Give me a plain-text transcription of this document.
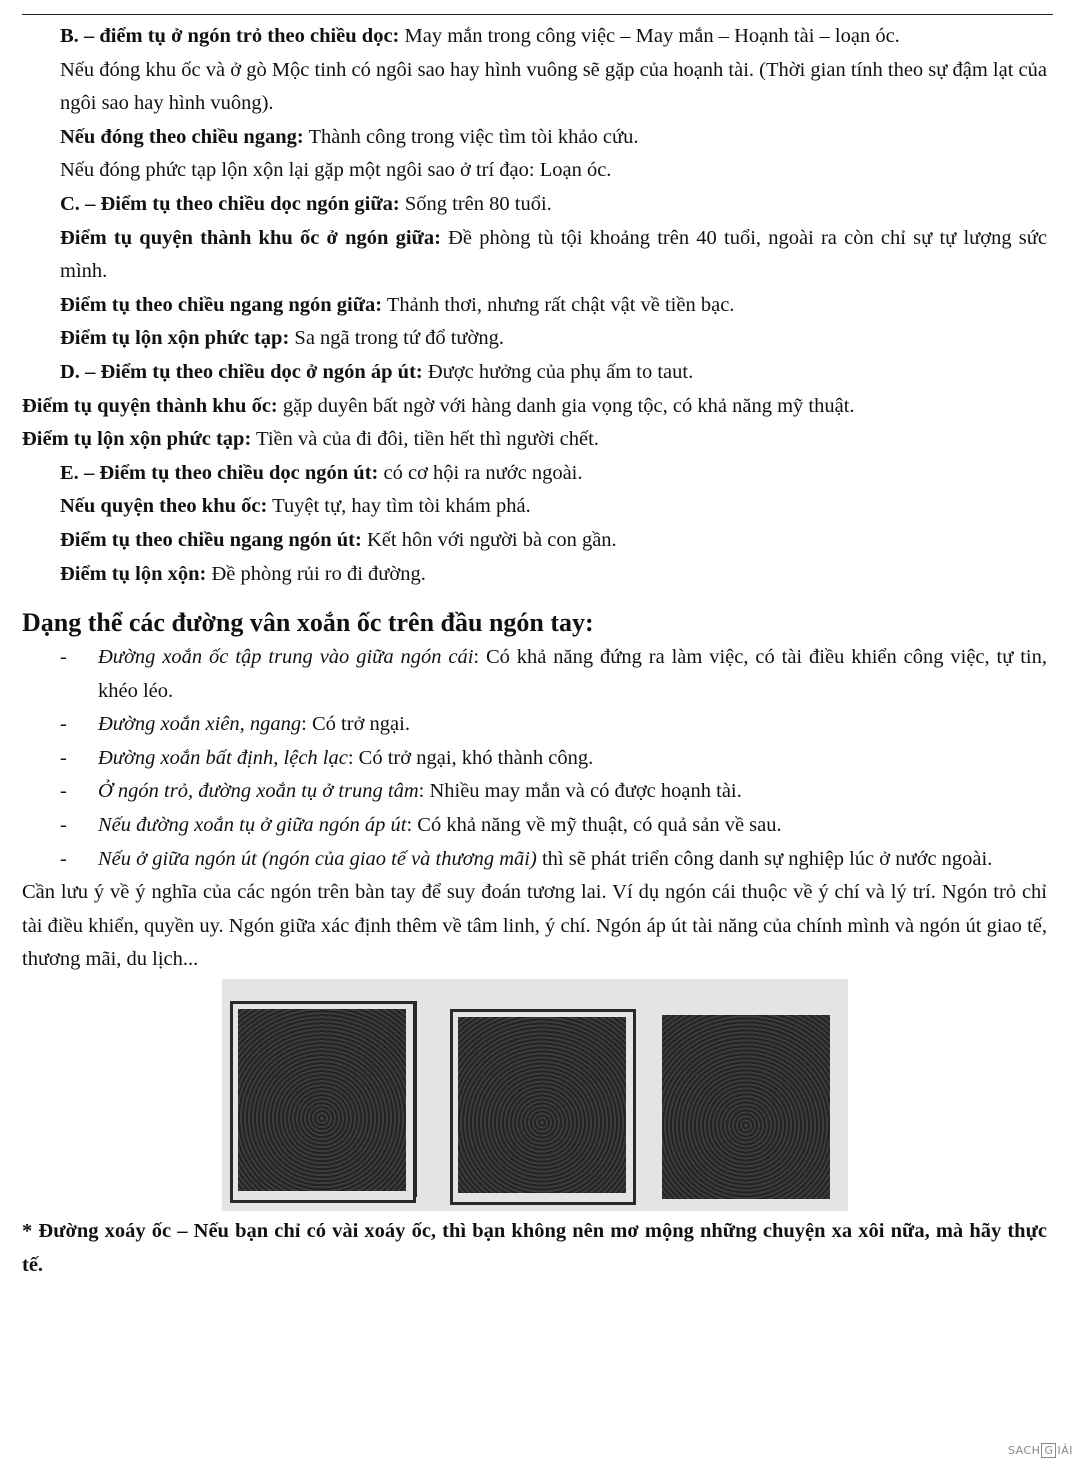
B. – điểm tụ ở ngón trỏ theo chiều dọc: May mắn trong công việc – May mắn – Hoạnh tài – loạn óc.

Nếu đóng khu ốc và ở gò Mộc tinh có ngôi sao hay hình vuông sẽ gặp của hoạnh tài. (Thời gian tính theo sự đậm lạt của ngôi sao hay hình vuông).

Nếu đóng theo chiều ngang: Thành công trong việc tìm tòi khảo cứu.

Nếu đóng phức tạp lộn xộn lại gặp một ngôi sao ở trí đạo: Loạn óc.

C. – Điểm tụ theo chiều dọc ngón giữa: Sống trên 80 tuổi.

Điểm tụ quyện thành khu ốc ở ngón giữa: Đề phòng tù tội khoảng trên 40 tuổi, ngoài ra còn chỉ sự tự lượng sức mình.

Điểm tụ theo chiều ngang ngón giữa: Thảnh thơi, nhưng rất chật vật về tiền bạc.

Điểm tụ lộn xộn phức tạp: Sa ngã trong tứ đổ tường.

D. – Điểm tụ theo chiều dọc ở ngón áp út: Được hưởng của phụ ấm to taut.

Điểm tụ quyện thành khu ốc: gặp duyên bất ngờ với hàng danh gia vọng tộc, có khả năng mỹ thuật.

Điểm tụ lộn xộn phức tạp: Tiền và của đi đôi, tiền hết thì người chết.

E. – Điểm tụ theo chiều dọc ngón út: có cơ hội ra nước ngoài.

Nếu quyện theo khu ốc: Tuyệt tự, hay tìm tòi khám phá.

Điểm tụ theo chiều ngang ngón út: Kết hôn với người bà con gần.

Điểm tụ lộn xộn: Đề phòng rủi ro đi đường.

Dạng thể các đường vân xoắn ốc trên đầu ngón tay:
- Đường xoắn ốc tập trung vào giữa ngón cái: Có khả năng đứng ra làm việc, có tài điều khiển công việc, tự tin, khéo léo.
- Đường xoắn xiên, ngang: Có trở ngại.
- Đường xoắn bất định, lệch lạc: Có trở ngại, khó thành công.
- Ở ngón trỏ, đường xoắn tụ ở trung tâm: Nhiều may mắn và có được hoạnh tài.
- Nếu đường xoắn tụ ở giữa ngón áp út: Có khả năng về mỹ thuật, có quả sản về sau.
- Nếu ở giữa ngón út (ngón của giao tế và thương mãi) thì sẽ phát triển công danh sự nghiệp lúc ở nước ngoài.

Cần lưu ý về ý nghĩa của các ngón trên bàn tay để suy đoán tương lai. Ví dụ ngón cái thuộc về ý chí và lý trí. Ngón trỏ chỉ tài điều khiển, quyền uy. Ngón giữa xác định thêm về tâm linh, ý chí. Ngón áp út tài năng của chính mình và ngón út giao tế, thương mãi, du lịch...

* Đường xoáy ốc – Nếu bạn chỉ có vài xoáy ốc, thì bạn không nên mơ mộng những chuyện xa xôi nữa, mà hãy thực tế.

SACH G IẢI
